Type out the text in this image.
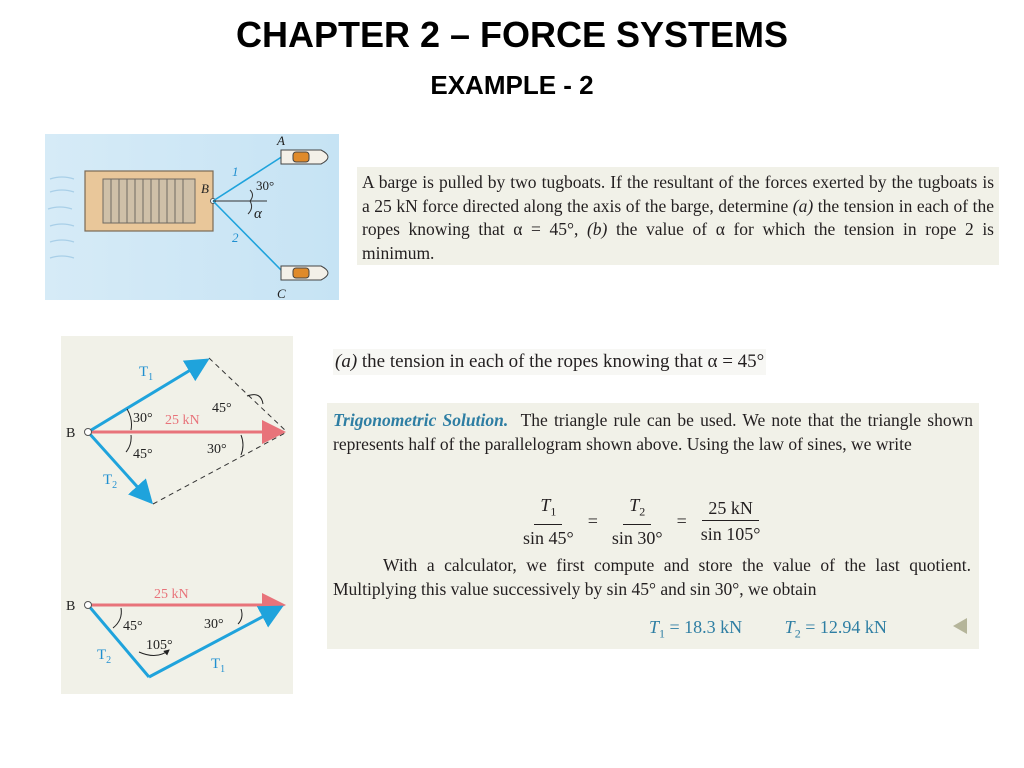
CHAPTER 2 – FORCE SYSTEMS
EXAMPLE - 2
A
B
C
1
2
30°
α
A barge is pulled by two tugboats. If the resultant of the forces exerted by the tugboats is a 25 kN force directed along the axis of the barge, determine (a) the tension in each of the ropes knowing that α = 45°, (b) the value of α for which the tension in rope 2 is minimum.
$T_1$
$T_2$
B
25 kN
30°
45°
45°
30°
B
25 kN
45°	30°
105°
$T_2$	$T_1$
(a) the tension in each of the ropes knowing that α = 45°
Trigonometric Solution. The triangle rule can be used. We note that the triangle shown represents half of the parallelogram shown above. Using the law of sines, we write
$\frac{T_1}{\sin 45^\circ} = \frac{T_2}{\sin 30^\circ} = \frac{25 kN}{\sin 105^\circ}$
With a calculator, we first compute and store the value of the last quotient. Multiplying this value successively by sin 45° and sin 30°, we obtain
$T_1 = 18.3$ kN $T_2 = 12.94$ kN
